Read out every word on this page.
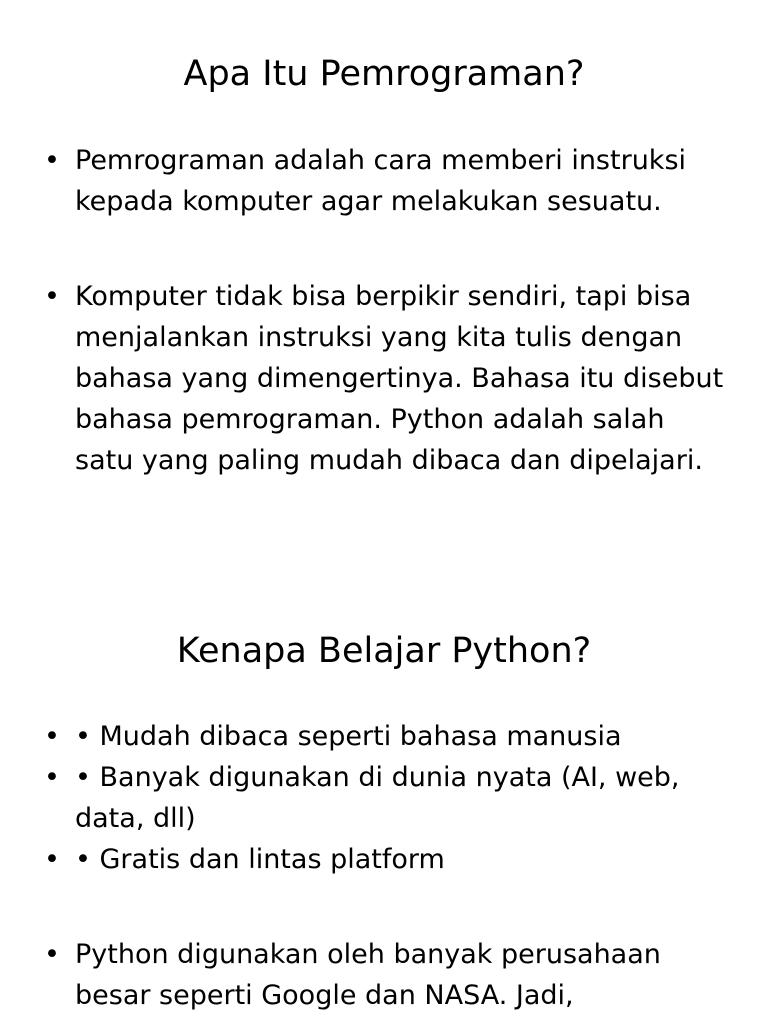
Apa Itu Pemrograman?
• Pemrograman adalah cara memberi instruksi kepada komputer agar melakukan sesuatu.
• Komputer tidak bisa berpikir sendiri, tapi bisa menjalankan instruksi yang kita tulis dengan bahasa yang dimengertinya. Bahasa itu disebut bahasa pemrograman. Python adalah salah satu yang paling mudah dibaca dan dipelajari.
Kenapa Belajar Python?
• • Mudah dibaca seperti bahasa manusia
• • Banyak digunakan di dunia nyata (AI, web, data, dll)
• • Gratis dan lintas platform
• Python digunakan oleh banyak perusahaan besar seperti Google dan NASA. Jadi,
